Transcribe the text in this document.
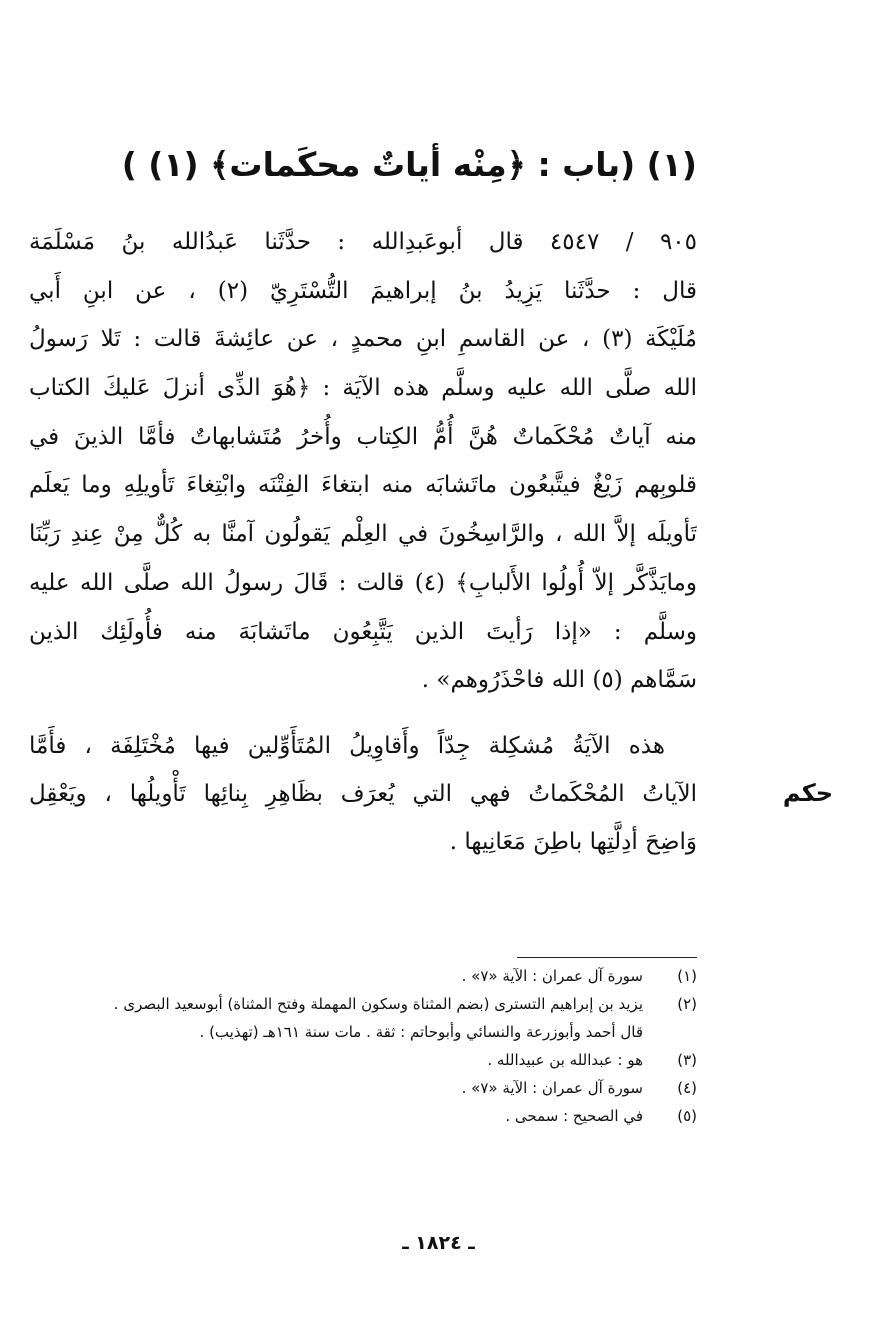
(١) (باب : ﴿مِنْه أياتٌ محكَمات﴾ (١) )
٩٠٥ / ٤٥٤٧ قال أبوعَبدِالله : حدَّثَنا عَبدُالله بنُ مَسْلَمَة
قال : حدَّثَنا يَزِيدُ بنُ إبراهيمَ التُّسْتَرِيّ (٢) ، عن ابنِ أَبي
مُلَيْكَة (٣) ، عن القاسمِ ابنِ محمدٍ ، عن عائِشةَ قالت : تَلا رَسولُ
الله صلَّى الله عليه وسلَّم هذه الآيَة : ﴿هُوَ الذِّى أنزلَ عَليكَ الكتاب
منه آياتٌ مُحْكَماتٌ هُنَّ أُمُّ الكِتاب وأُخرُ مُتَشابهاتٌ فأمَّا الذينَ في
قلوبِهم زَيْغٌ فيتَّبعُون ماتَشابَه منه ابتغاءَ الفِتْنَه وابْتِغاءَ تَأويلِهِ وما يَعلَم
تَأويلَه إلاَّ الله ، والرَّاسِخُونَ في العِلْم يَقولُون آمنَّا به كُلٌّ مِنْ عِندِ رَبِّنَا
ومايَذَّكَّر إلاّ أُولُوا الأَلبابِ﴾ (٤) قالت : قَالَ رسولُ الله صلَّى الله عليه
وسلَّم : «إذا رَأيتَ الذين يَتَّبِعُون ماتَشابَهَ منه فأُولَئِك الذين
سَمَّاهم (٥) الله فاحْذَرُوهم» .
هذه الآيَةُ مُشكِلة جِدّاً وأَقاوِيلُ المُتَأَوِّلين فيها مُخْتَلِفَة ، فأَمَّا
الآياتُ المُحْكَماتُ فهي التي يُعرَف بظَاهِرِ بِنائِها تَأْويلُها ، ويَعْقِل
وَاضِحَ أدِلَّتِها باطِنَ مَعَانِيها .
حكم
(١)
سورة آل عمران : الآية «٧» .
(٢)
يزيد بن إبراهيم التسترى (بضم المثناة وسكون المهملة وفتح المثناة) أبوسعيد البصرى .
قال أحمد وأبوزرعة والنسائي وأبوحاتم : ثقة . مات سنة ١٦١هـ (تهذيب) .
(٣)
هو : عبدالله بن عبيدالله .
(٤)
سورة آل عمران : الآية «٧» .
(٥)
في الصحيح : سمحى .
ـ ١٨٢٤ ـ
